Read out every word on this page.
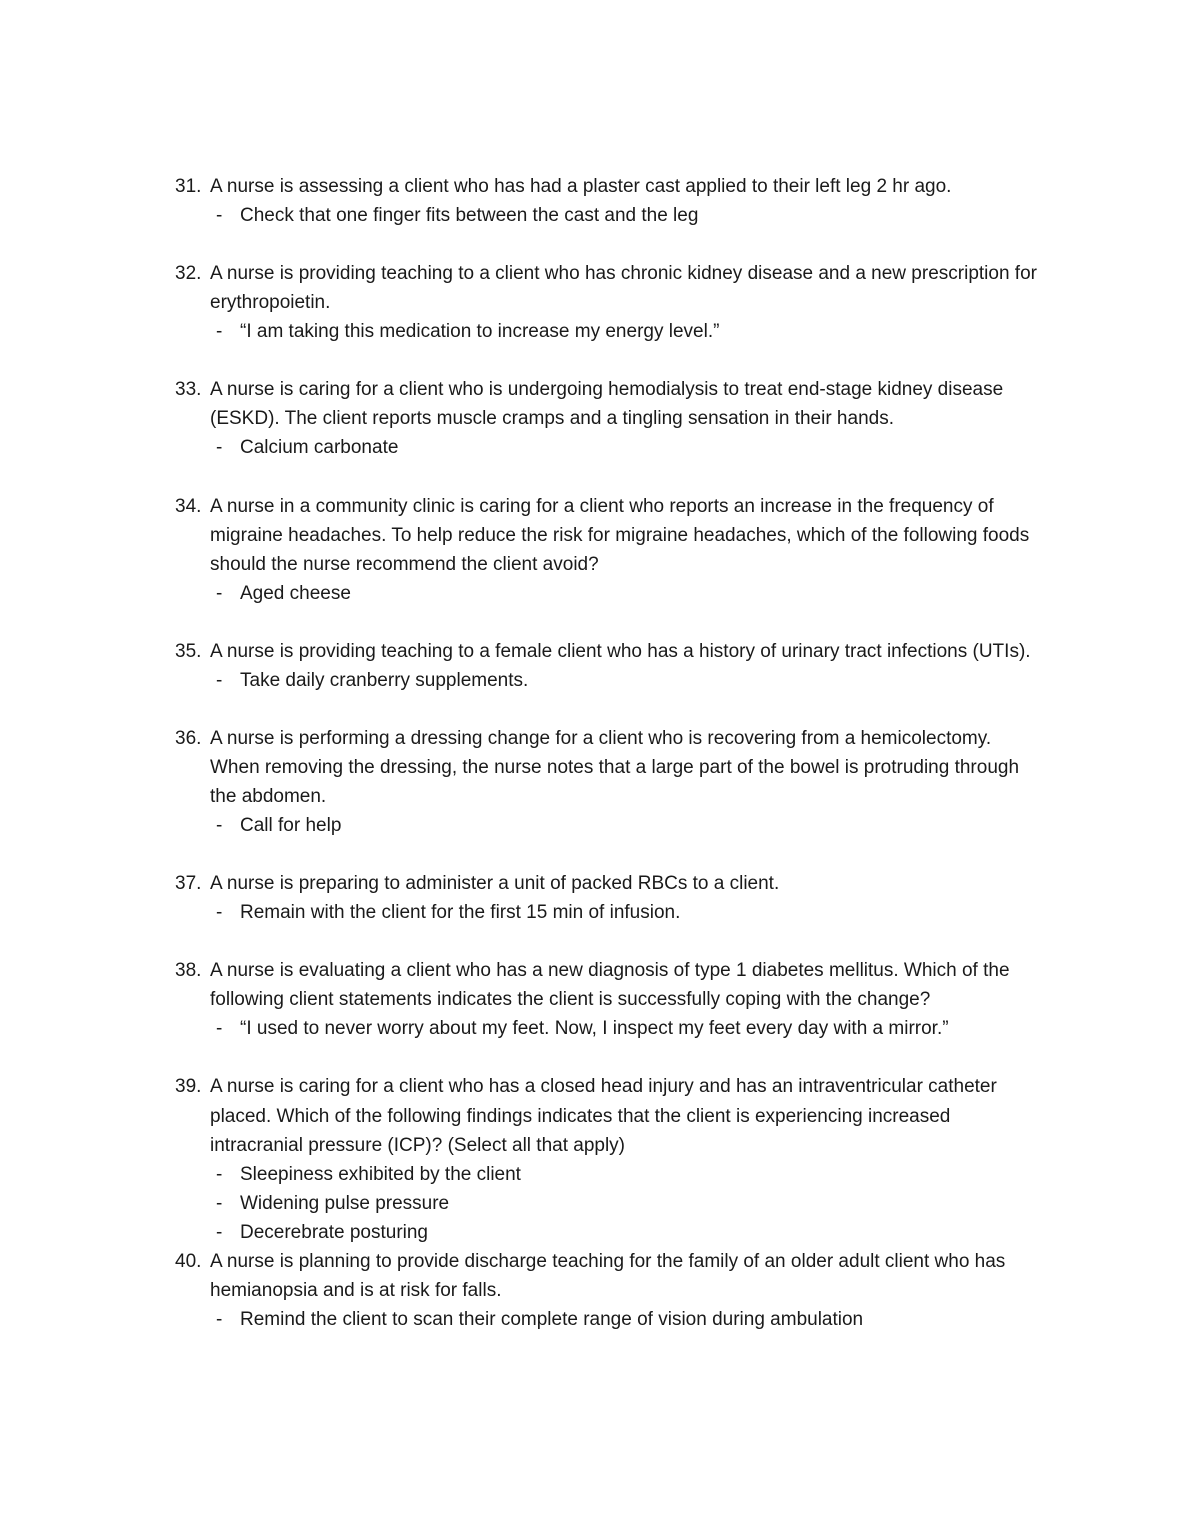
31. A nurse is assessing a client who has had a plaster cast applied to their left leg 2 hr ago.
- Check that one finger fits between the cast and the leg
32. A nurse is providing teaching to a client who has chronic kidney disease and a new prescription for erythropoietin.
- “I am taking this medication to increase my energy level.”
33. A nurse is caring for a client who is undergoing hemodialysis to treat end-stage kidney disease (ESKD). The client reports muscle cramps and a tingling sensation in their hands.
- Calcium carbonate
34. A nurse in a community clinic is caring for a client who reports an increase in the frequency of migraine headaches. To help reduce the risk for migraine headaches, which of the following foods should the nurse recommend the client avoid?
- Aged cheese
35. A nurse is providing teaching to a female client who has a history of urinary tract infections (UTIs).
- Take daily cranberry supplements.
36. A nurse is performing a dressing change for a client who is recovering from a hemicolectomy. When removing the dressing, the nurse notes that a large part of the bowel is protruding through the abdomen.
- Call for help
37. A nurse is preparing to administer a unit of packed RBCs to a client.
- Remain with the client for the first 15 min of infusion.
38. A nurse is evaluating a client who has a new diagnosis of type 1 diabetes mellitus. Which of the following client statements indicates the client is successfully coping with the change?
- “I used to never worry about my feet. Now, I inspect my feet every day with a mirror.”
39. A nurse is caring for a client who has a closed head injury and has an intraventricular catheter placed. Which of the following findings indicates that the client is experiencing increased intracranial pressure (ICP)? (Select all that apply)
- Sleepiness exhibited by the client
- Widening pulse pressure
- Decerebrate posturing
40. A nurse is planning to provide discharge teaching for the family of an older adult client who has hemianopsia and is at risk for falls.
- Remind the client to scan their complete range of vision during ambulation
